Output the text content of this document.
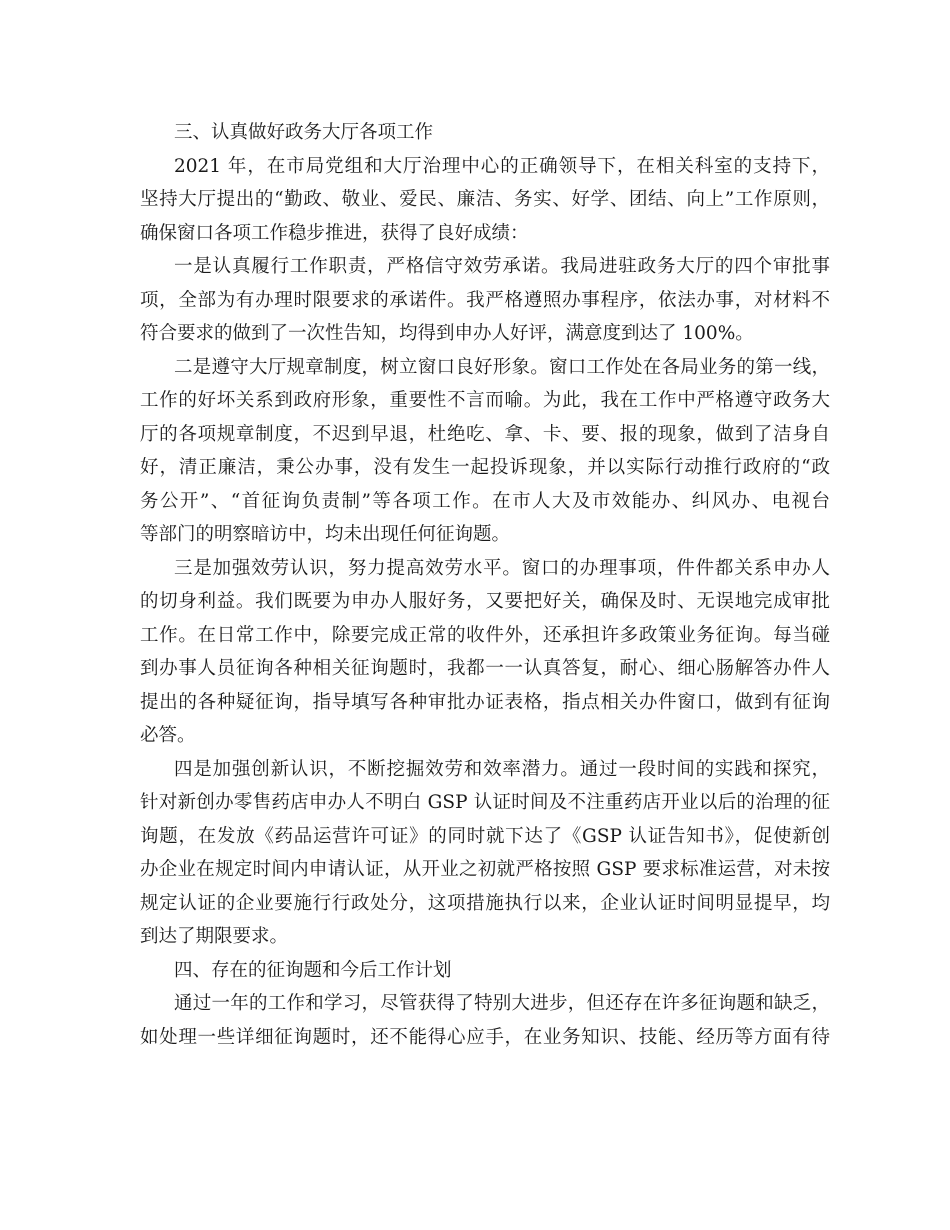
三、认真做好政务大厅各项工作
2021 年，在市局党组和大厅治理中心的正确领导下，在相关科室的支持下，
坚持大厅提出的“勤政、敬业、爱民、廉洁、务实、好学、团结、向上”工作原则，
确保窗口各项工作稳步推进，获得了良好成绩：
一是认真履行工作职责，严格信守效劳承诺。我局进驻政务大厅的四个审批事
项，全部为有办理时限要求的承诺件。我严格遵照办事程序，依法办事，对材料不
符合要求的做到了一次性告知，均得到申办人好评，满意度到达了 100%。
二是遵守大厅规章制度，树立窗口良好形象。窗口工作处在各局业务的第一线，
工作的好坏关系到政府形象，重要性不言而喻。为此，我在工作中严格遵守政务大
厅的各项规章制度，不迟到早退，杜绝吃、拿、卡、要、报的现象，做到了洁身自
好，清正廉洁，秉公办事，没有发生一起投诉现象，并以实际行动推行政府的“政
务公开”、“首征询负责制”等各项工作。在市人大及市效能办、纠风办、电视台
等部门的明察暗访中，均未出现任何征询题。
三是加强效劳认识，努力提高效劳水平。窗口的办理事项，件件都关系申办人
的切身利益。我们既要为申办人服好务，又要把好关，确保及时、无误地完成审批
工作。在日常工作中，除要完成正常的收件外，还承担许多政策业务征询。每当碰
到办事人员征询各种相关征询题时，我都一一认真答复，耐心、细心肠解答办件人
提出的各种疑征询，指导填写各种审批办证表格，指点相关办件窗口，做到有征询
必答。
四是加强创新认识，不断挖掘效劳和效率潜力。通过一段时间的实践和探究，
针对新创办零售药店申办人不明白 GSP 认证时间及不注重药店开业以后的治理的征
询题，在发放《药品运营许可证》的同时就下达了《GSP 认证告知书》，促使新创
办企业在规定时间内申请认证，从开业之初就严格按照 GSP 要求标准运营，对未按
规定认证的企业要施行行政处分，这项措施执行以来，企业认证时间明显提早，均
到达了期限要求。
四、存在的征询题和今后工作计划
通过一年的工作和学习，尽管获得了特别大进步，但还存在许多征询题和缺乏，
如处理一些详细征询题时，还不能得心应手，在业务知识、技能、经历等方面有待
